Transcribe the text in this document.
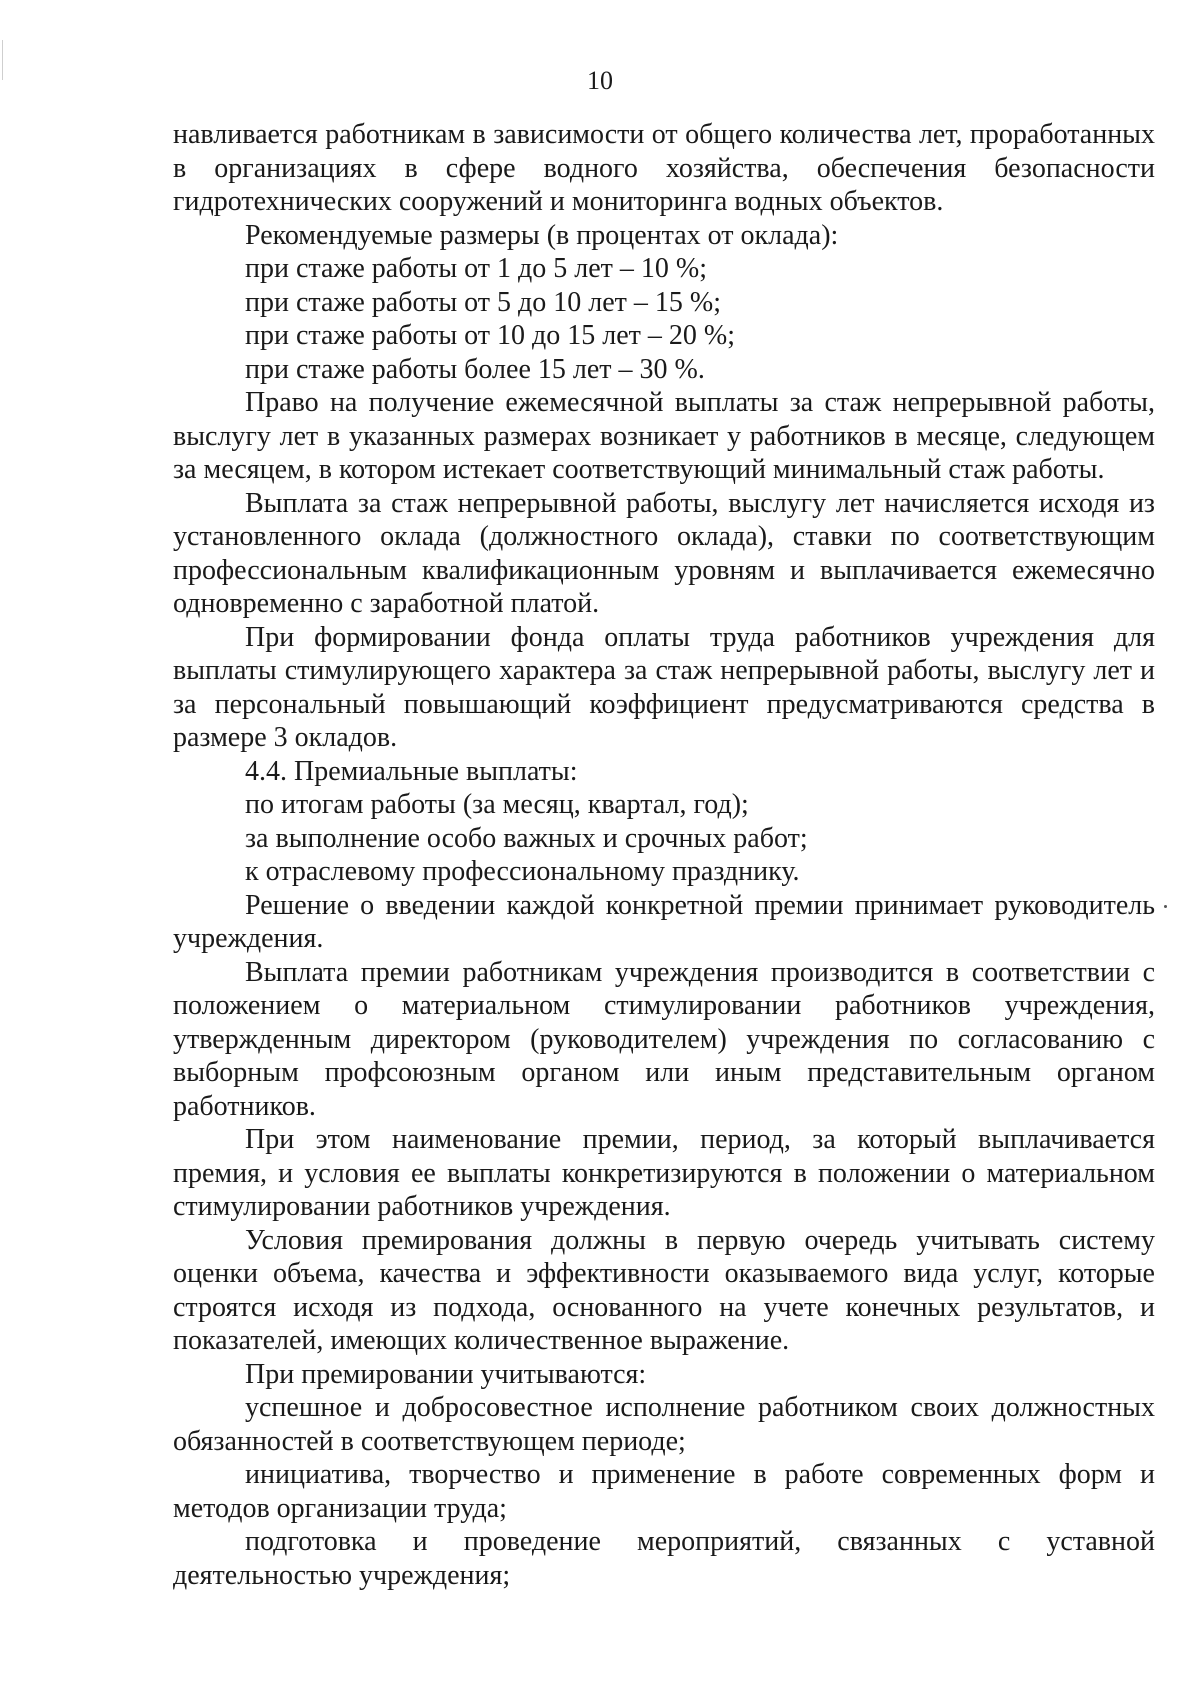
10

навливается работникам в зависимости от общего количества лет, проработанных в организациях в сфере водного хозяйства, обеспечения безопасности гидротехнических сооружений и мониторинга водных объектов.

Рекомендуемые размеры (в процентах от оклада):

при стаже работы от 1 до 5 лет – 10 %;

при стаже работы от 5 до 10 лет – 15 %;

при стаже работы от 10 до 15 лет – 20 %;

при стаже работы более 15 лет – 30 %.

Право на получение ежемесячной выплаты за стаж непрерывной работы, выслугу лет в указанных размерах возникает у работников в месяце, следующем за месяцем, в котором истекает соответствующий минимальный стаж работы.

Выплата за стаж непрерывной работы, выслугу лет начисляется исходя из установленного оклада (должностного оклада), ставки по соответствующим профессиональным квалификационным уровням и выплачивается ежемесячно одновременно с заработной платой.

При формировании фонда оплаты труда работников учреждения для выплаты стимулирующего характера за стаж непрерывной работы, выслугу лет и за персональный повышающий коэффициент предусматриваются средства в размере 3 окладов.

4.4. Премиальные выплаты:

по итогам работы (за месяц, квартал, год);

за выполнение особо важных и срочных работ;

к отраслевому профессиональному празднику.

Решение о введении каждой конкретной премии принимает руководитель учреждения.

Выплата премии работникам учреждения производится в соответствии с положением о материальном стимулировании работников учреждения, утвержденным директором (руководителем) учреждения по согласованию с выборным профсоюзным органом или иным представительным органом работников.

При этом наименование премии, период, за который выплачивается премия, и условия ее выплаты конкретизируются в положении о материальном стимулировании работников учреждения.

Условия премирования должны в первую очередь учитывать систему оценки объема, качества и эффективности оказываемого вида услуг, которые строятся исходя из подхода, основанного на учете конечных результатов, и показателей, имеющих количественное выражение.

При премировании учитываются:

успешное и добросовестное исполнение работником своих должностных обязанностей в соответствующем периоде;

инициатива, творчество и применение в работе современных форм и методов организации труда;

подготовка и проведение мероприятий, связанных с уставной деятельностью учреждения;
